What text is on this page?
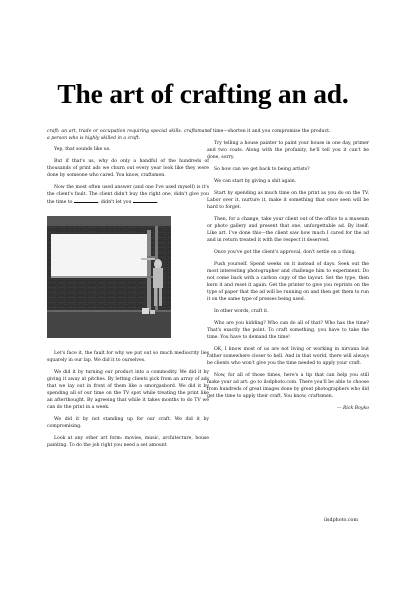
The art of crafting an ad.

craft: an art, trade or occupation requiring special skills. craftsman: a person who is highly skilled in a craft.

Yep, that sounds like us.

But if that's us, why do only a handful of the hundreds of thousands of print ads we churn out every year look like they were done by someone who cared. You know, craftsmen.

Now the most often used answer (and one I've used myself) is it's the client's fault. The client didn't buy the right one, didn't give you the time to	, didn't let you	.

Let's face it, the fault for why we put out so much mediocrity lies squarely in our lap. We did it to ourselves.

We did it by turning our product into a commodity. We did it by giving it away at pitches. By letting clients pick from an array of ads that we lay out in front of them like a smorgasbord. We did it by spending all of our time on the TV spot while treating the print like an afterthought. By agreeing that while it takes months to do TV we can do the print in a week.

We did it by not standing up for our craft. We did it by compromising.

Look at any other art form: movies, music, architecture, house painting. To do the job right you need a set amount

of time—shorten it and you compromise the product.

Try telling a house painter to paint your house in one day, primer and two coats. Along with the profanity, he'll tell you it can't be done, sorry.

So how can we get back to being artists?

We can start by giving a shit again.

Start by spending as much time on the print as you do on the TV. Labor over it, nurture it, make it something that once seen will be hard to forget.

Then, for a change, take your client out of the office to a museum or photo gallery and present that one, unforgettable ad. By itself. Like art. I've done this—the client saw how much I cared for the ad and in return treated it with the respect it deserved.

Once you've got the client's approval, don't settle on a thing.

Push yourself. Spend weeks on it instead of days. Seek out the most interesting photographer and challenge him to experiment. Do not come back with a carbon copy of the layout. Set the type, then kern it and reset it again. Get the printer to give you reprints on the type of paper that the ad will be running on and then get them to run it on the same type of presses being used.

In other words, craft it.

Who are you kidding? Who can do all of that? Who has the time? That's exactly the point. To craft something, you have to take the time. You have to demand the time!

OK, I know most of us are not living or working in nirvana but rather somewhere closer to hell. And in that world, there will always be clients who won't give you the time needed to apply your craft.

Now, for all of those times, here's a tip that can help you still make your ad art: go to ilsdphoto.com. There you'll be able to choose from hundreds of great images done by great photographers who did get the time to apply their craft. You know, craftsmen.

— Rick Boyko

ilsdphoto.com
